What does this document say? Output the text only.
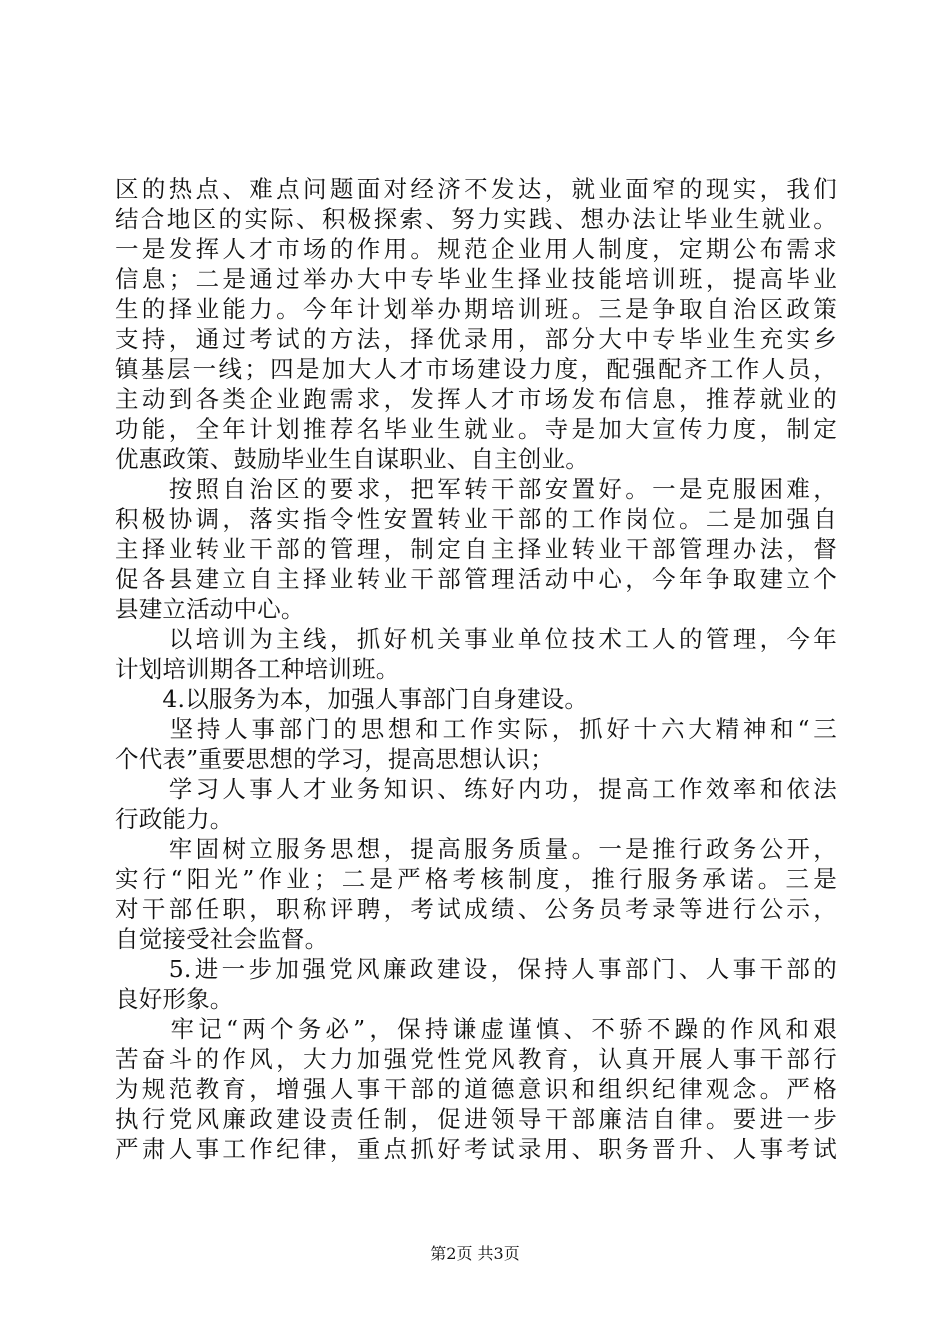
区的热点、难点问题面对经济不发达，就业面窄的现实，我们
结合地区的实际、积极探索、努力实践、想办法让毕业生就业。
一是发挥人才市场的作用。规范企业用人制度，定期公布需求
信息；二是通过举办大中专毕业生择业技能培训班，提高毕业
生的择业能力。今年计划举办期培训班。三是争取自治区政策
支持，通过考试的方法，择优录用，部分大中专毕业生充实乡
镇基层一线；四是加大人才市场建设力度，配强配齐工作人员，
主动到各类企业跑需求，发挥人才市场发布信息，推荐就业的
功能，全年计划推荐名毕业生就业。寺是加大宣传力度，制定
优惠政策、鼓励毕业生自谋职业、自主创业。
　　按照自治区的要求，把军转干部安置好。一是克服困难，
积极协调，落实指令性安置转业干部的工作岗位。二是加强自
主择业转业干部的管理，制定自主择业转业干部管理办法，督
促各县建立自主择业转业干部管理活动中心，今年争取建立个
县建立活动中心。
　　以培训为主线，抓好机关事业单位技术工人的管理，今年
计划培训期各工种培训班。
　　4.以服务为本，加强人事部门自身建设。
　　坚持人事部门的思想和工作实际，抓好十六大精神和“三
个代表”重要思想的学习，提高思想认识；
　　学习人事人才业务知识、练好内功，提高工作效率和依法
行政能力。
　　牢固树立服务思想，提高服务质量。一是推行政务公开，
实行“阳光”作业；二是严格考核制度，推行服务承诺。三是
对干部任职，职称评聘，考试成绩、公务员考录等进行公示，
自觉接受社会监督。
　　5.进一步加强党风廉政建设，保持人事部门、人事干部的
良好形象。
　　牢记“两个务必”，保持谦虚谨慎、不骄不躁的作风和艰
苦奋斗的作风，大力加强党性党风教育，认真开展人事干部行
为规范教育，增强人事干部的道德意识和组织纪律观念。严格
执行党风廉政建设责任制，促进领导干部廉洁自律。要进一步
严肃人事工作纪律，重点抓好考试录用、职务晋升、人事考试
第2页 共3页
